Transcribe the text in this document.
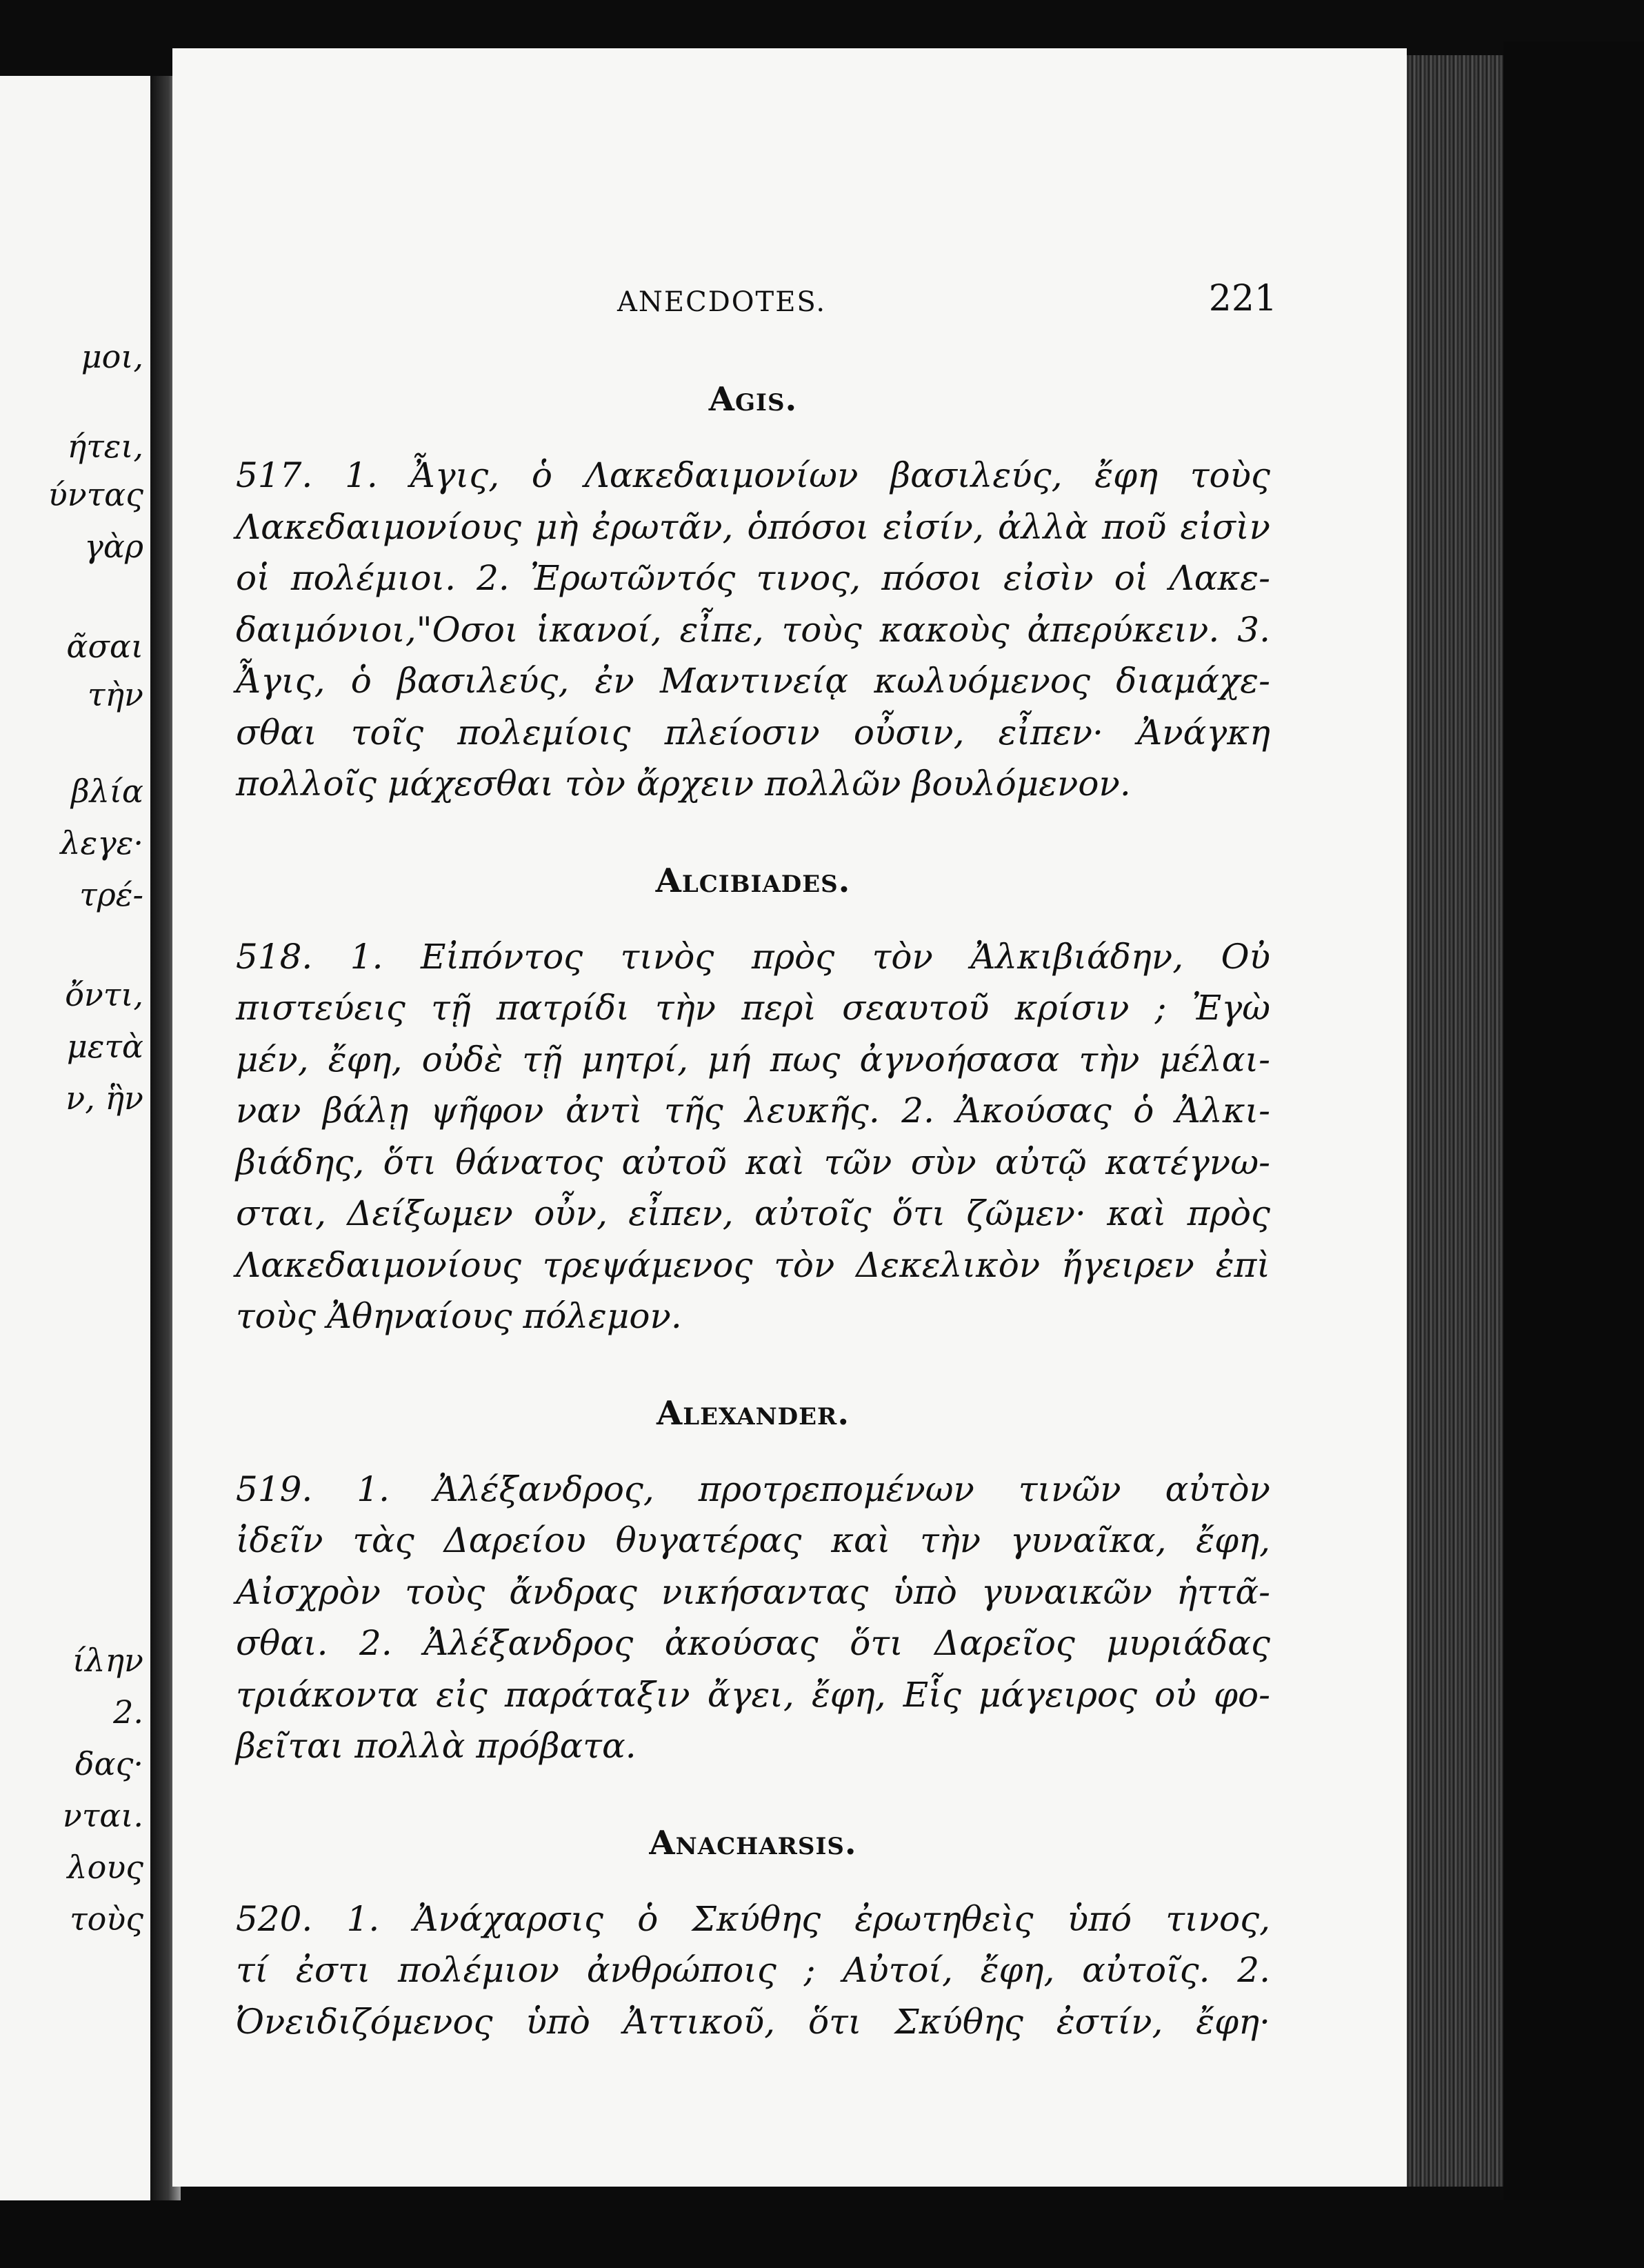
μοι,
ήτει,
ύντας
γὰρ
ᾶσαι
τὴν
βλία
λεγε·
τρέ-
ὄντι,
μετὰ
ν, ἣν
ίλην
2.
δας·
νται.
λους
τοὺς
ANECDOTES.	221
Agis.
517. 1. Ἆγις, ὁ Λακεδαιμονίων βασιλεύς, ἔφη τοὺς
Λακεδαιμονίους μὴ ἐρωτᾶν, ὁπόσοι εἰσίν, ἀλλὰ ποῦ εἰσὶν
οἱ πολέμιοι. 2. Ἐρωτῶντός τινος, πόσοι εἰσὶν οἱ Λακε-
δαιμόνιοι,"Οσοι ἱκανοί, εἶπε, τοὺς κακοὺς ἀπερύκειν. 3.
Ἆγις, ὁ βασιλεύς, ἐν Μαντινείᾳ κωλυόμενος διαμάχε-
σθαι τοῖς πολεμίοις πλείοσιν οὖσιν, εἶπεν· Ἀνάγκη
πολλοῖς μάχεσθαι τὸν ἄρχειν πολλῶν βουλόμενον.
Alcibiades.
518. 1. Εἰπόντος τινὸς πρὸς τὸν Ἀλκιβιάδην, Οὐ
πιστεύεις τῇ πατρίδι τὴν περὶ σεαυτοῦ κρίσιν ; Ἐγὼ
μέν, ἔφη, οὐδὲ τῇ μητρί, μή πως ἀγνοήσασα τὴν μέλαι-
ναν βάλῃ ψῆφον ἀντὶ τῆς λευκῆς. 2. Ἀκούσας ὁ Ἀλκι-
βιάδης, ὅτι θάνατος αὐτοῦ καὶ τῶν σὺν αὐτῷ κατέγνω-
σται, Δείξωμεν οὖν, εἶπεν, αὐτοῖς ὅτι ζῶμεν· καὶ πρὸς
Λακεδαιμονίους τρεψάμενος τὸν Δεκελικὸν ἤγειρεν ἐπὶ
τοὺς Ἀθηναίους πόλεμον.
Alexander.
519. 1. Ἀλέξανδρος, προτρεπομένων τινῶν αὐτὸν
ἰδεῖν τὰς Δαρείου θυγατέρας καὶ τὴν γυναῖκα, ἔφη,
Αἰσχρὸν τοὺς ἄνδρας νικήσαντας ὑπὸ γυναικῶν ἡττᾶ-
σθαι. 2. Ἀλέξανδρος ἀκούσας ὅτι Δαρεῖος μυριάδας
τριάκοντα εἰς παράταξιν ἄγει, ἔφη, Εἷς μάγειρος οὐ φο-
βεῖται πολλὰ πρόβατα.
Anacharsis.
520. 1. Ἀνάχαρσις ὁ Σκύθης ἐρωτηθεὶς ὑπό τινος,
τί ἐστι πολέμιον ἀνθρώποις ; Αὐτοί, ἔφη, αὐτοῖς. 2.
Ὀνειδιζόμενος ὑπὸ Ἀττικοῦ, ὅτι Σκύθης ἐστίν, ἔφη·
